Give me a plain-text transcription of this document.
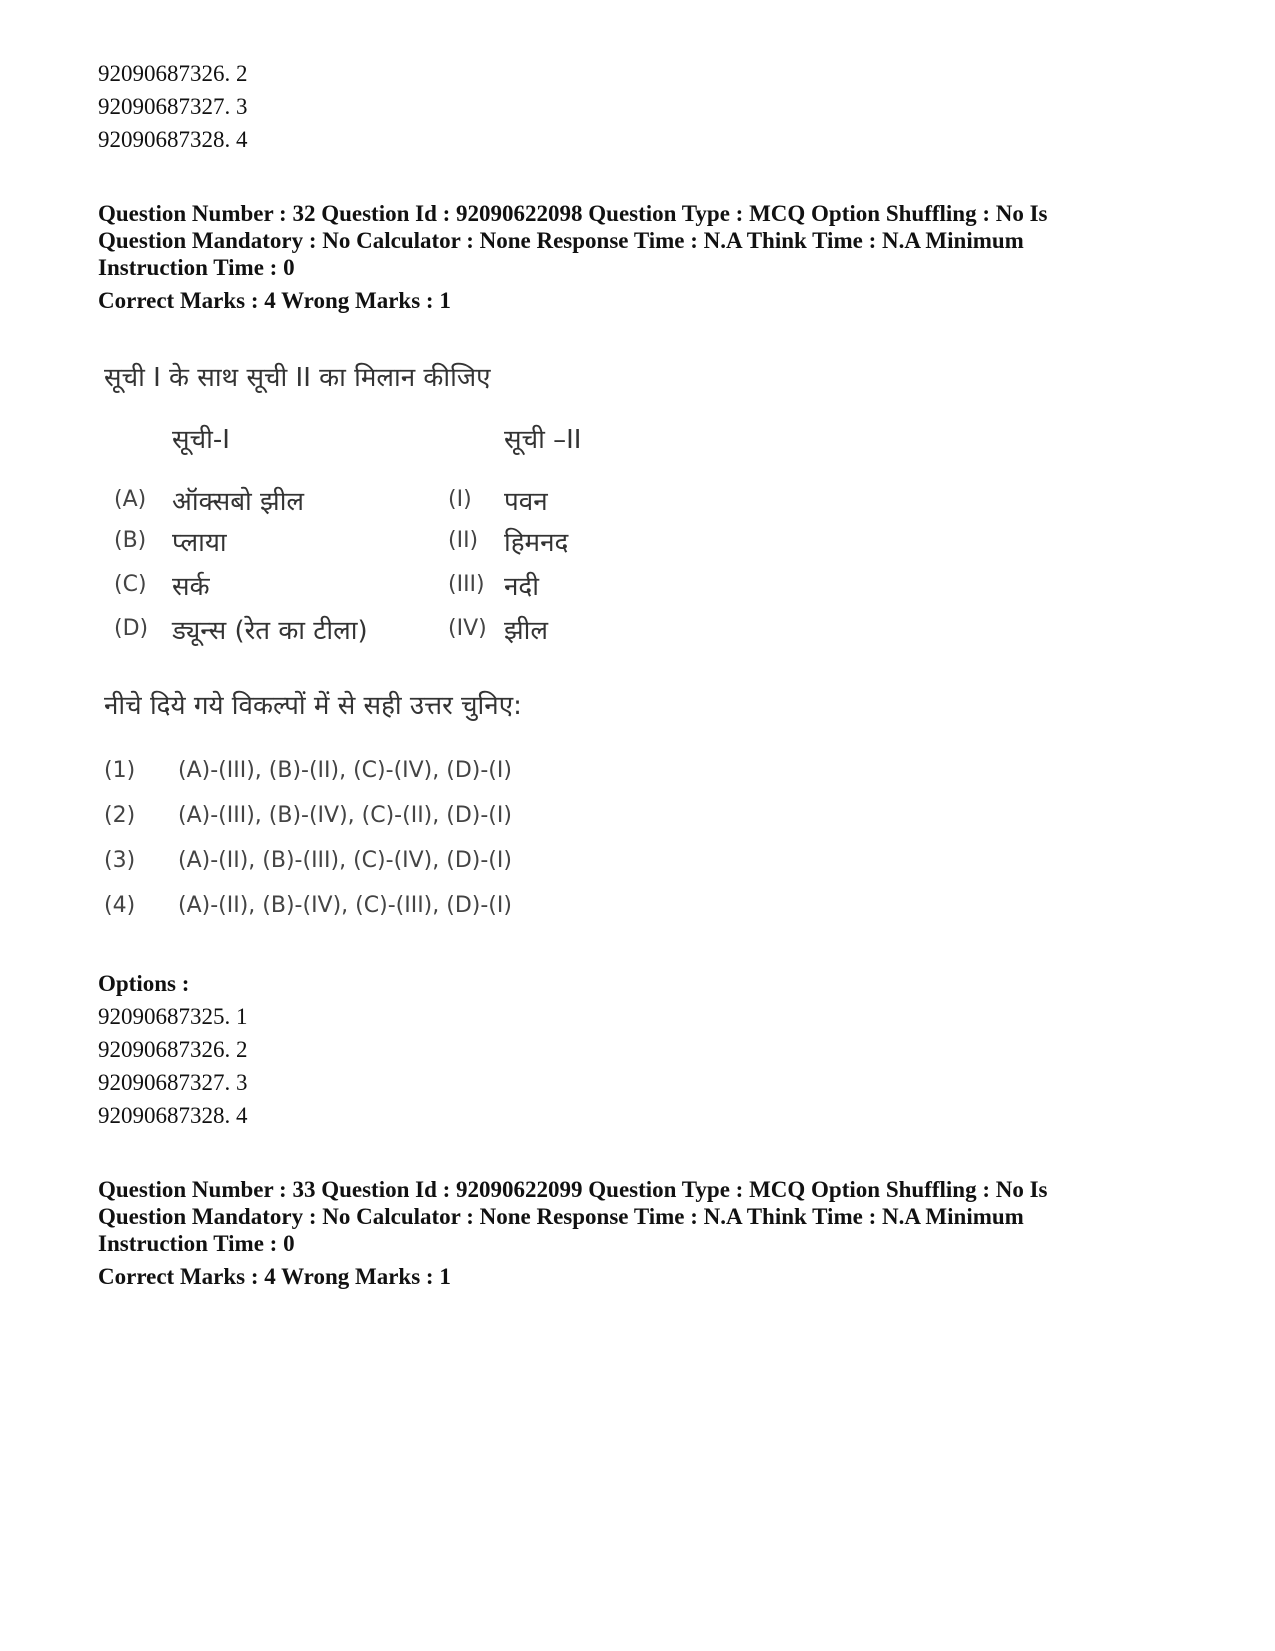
92090687326. 2
92090687327. 3
92090687328. 4
Question Number : 32 Question Id : 92090622098 Question Type : MCQ Option Shuffling : No Is
Question Mandatory : No Calculator : None Response Time : N.A Think Time : N.A Minimum
Instruction Time : 0
Correct Marks : 4 Wrong Marks : 1
सूची I के साथ सूची II का मिलान कीजिए
सूची-I	सूची –II
(A) ऑक्सबो झील	(I) पवन
(B) प्लाया	(II) हिमनद
(C) सर्क	(III) नदी
(D) ड्यून्स (रेत का टीला)	(IV) झील
नीचे दिये गये विकल्पों में से सही उत्तर चुनिए:
(1) (A)-(III), (B)-(II), (C)-(IV), (D)-(I)
(2) (A)-(III), (B)-(IV), (C)-(II), (D)-(I)
(3) (A)-(II), (B)-(III), (C)-(IV), (D)-(I)
(4) (A)-(II), (B)-(IV), (C)-(III), (D)-(I)
Options :
92090687325. 1
92090687326. 2
92090687327. 3
92090687328. 4
Question Number : 33 Question Id : 92090622099 Question Type : MCQ Option Shuffling : No Is
Question Mandatory : No Calculator : None Response Time : N.A Think Time : N.A Minimum
Instruction Time : 0
Correct Marks : 4 Wrong Marks : 1
